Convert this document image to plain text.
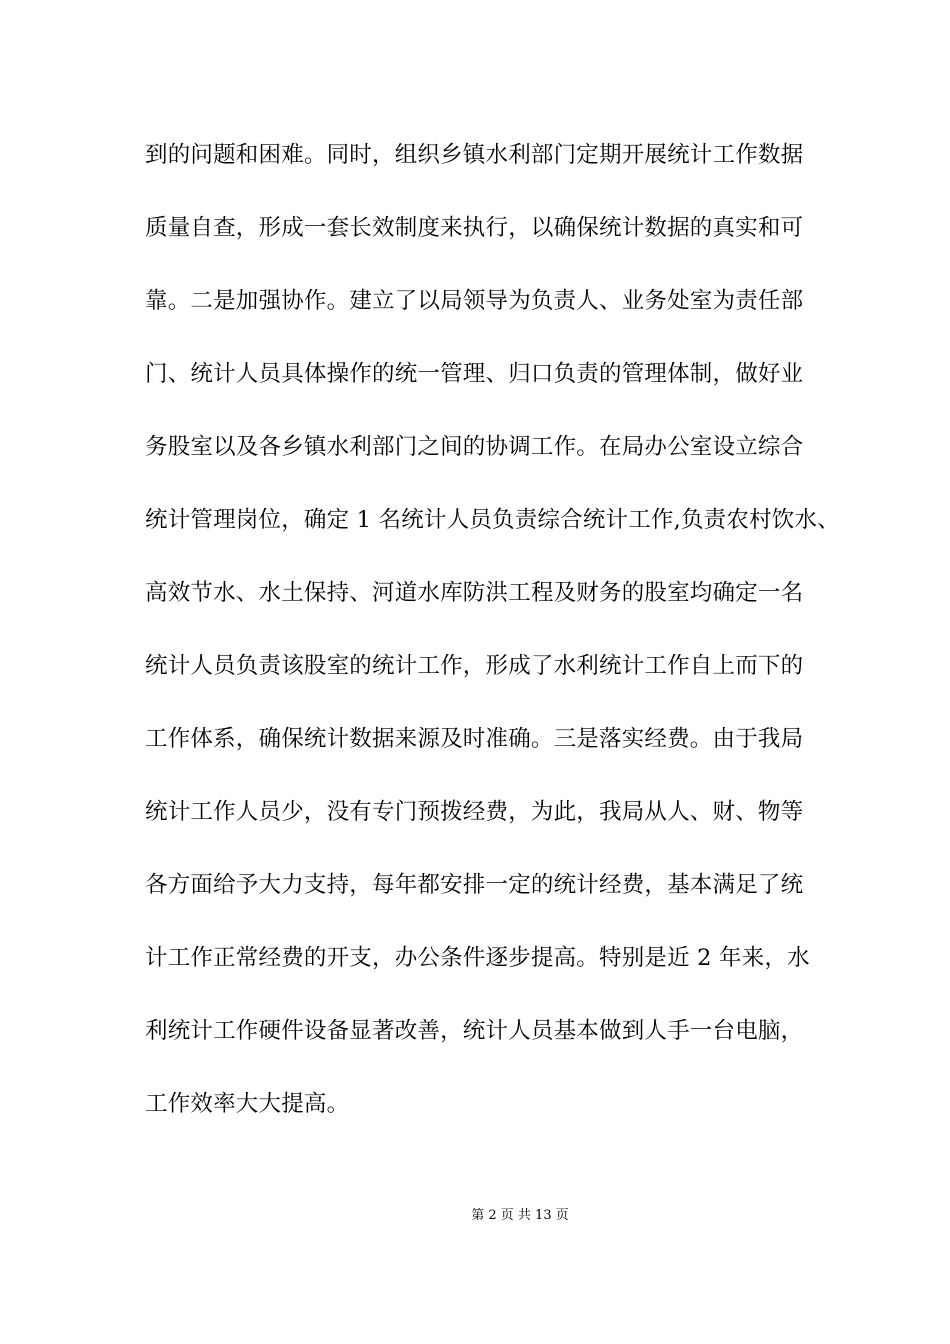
到的问题和困难。同时，组织乡镇水利部门定期开展统计工作数据
质量自查，形成一套长效制度来执行，以确保统计数据的真实和可
靠。二是加强协作。建立了以局领导为负责人、业务处室为责任部
门、统计人员具体操作的统一管理、归口负责的管理体制，做好业
务股室以及各乡镇水利部门之间的协调工作。在局办公室设立综合
统计管理岗位，确定 1 名统计人员负责综合统计工作,负责农村饮水、
高效节水、水土保持、河道水库防洪工程及财务的股室均确定一名
统计人员负责该股室的统计工作，形成了水利统计工作自上而下的
工作体系，确保统计数据来源及时准确。三是落实经费。由于我局
统计工作人员少，没有专门预拨经费，为此，我局从人、财、物等
各方面给予大力支持，每年都安排一定的统计经费，基本满足了统
计工作正常经费的开支，办公条件逐步提高。特别是近 2 年来，水
利统计工作硬件设备显著改善，统计人员基本做到人手一台电脑，
工作效率大大提高。
第 2 页 共 13 页
